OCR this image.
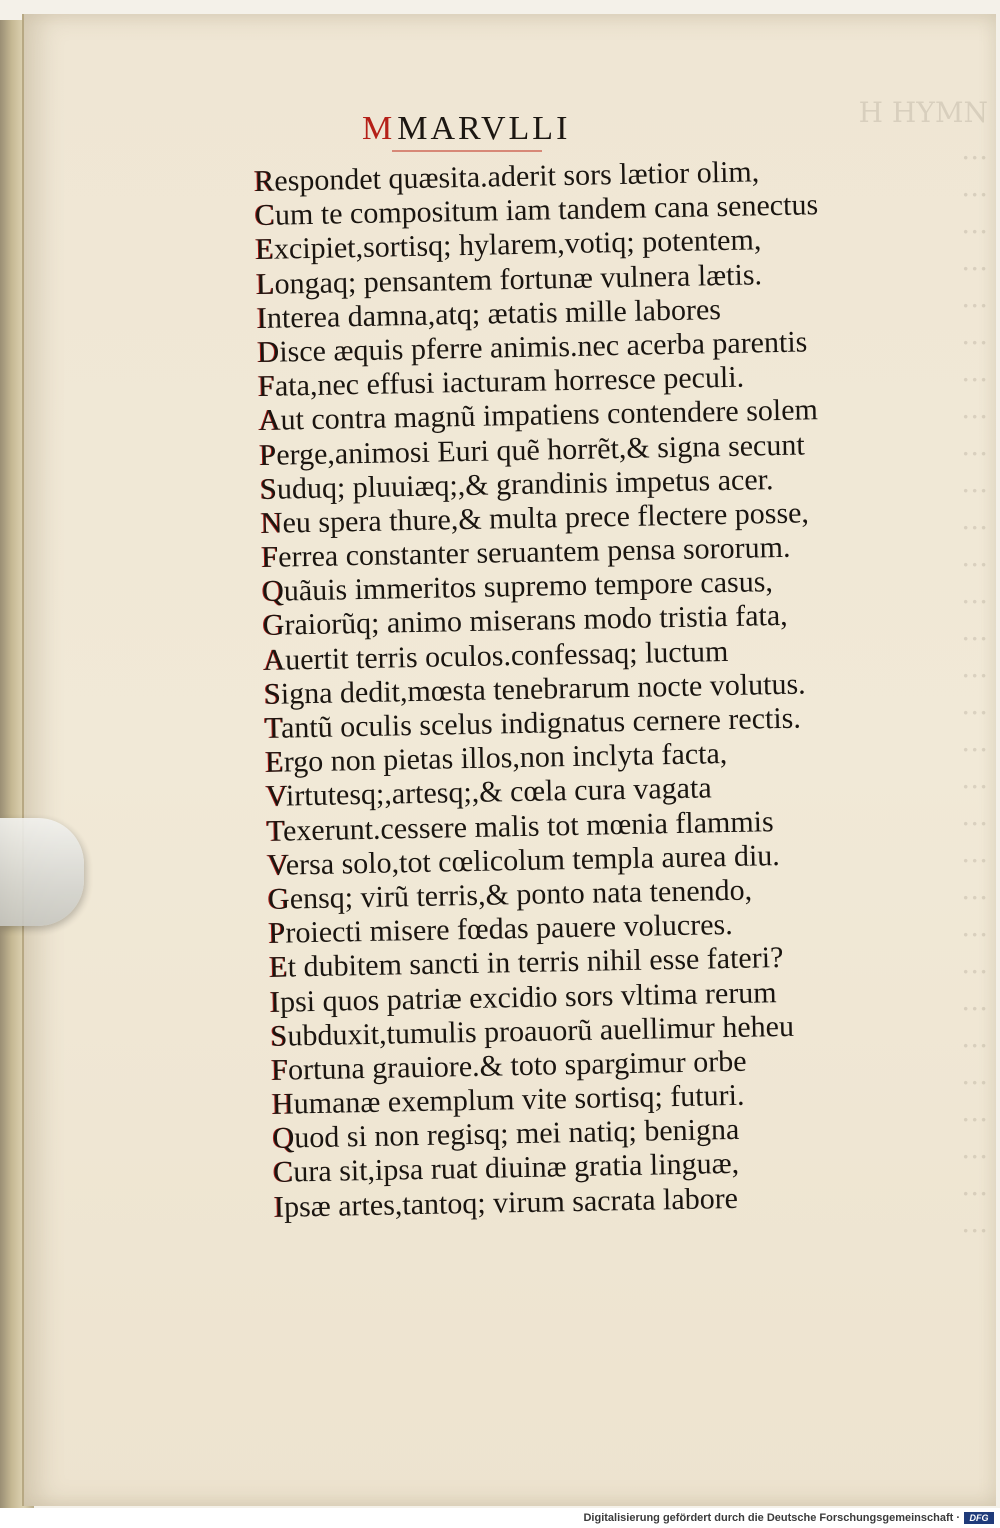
H HYMN
...
...
...
...
...
...
...
...
...
...
...
...
...
...
...
...
...
...
...
...
...
...
...
...
...
...
...
...
...
...
MMARVLLI
Respondet quæsita.aderit sors lætior olim,
Cum te compositum iam tandem cana senectus
Excipiet,sortisq; hylarem,votiq; potentem,
Longaq; pensantem fortunæ vulnera lætis.
Interea damna,atq; ætatis mille labores
Disce æquis pferre animis.nec acerba parentis
Fata,nec effusi iacturam horresce peculi.
Aut contra magnũ impatiens contendere solem
Perge,animosi Euri quẽ horrẽt,& signa secunt
Suduq; pluuiæq;,& grandinis impetus acer.
Neu spera thure,& multa prece flectere posse,
Ferrea constanter seruantem pensa sororum.
Quãuis immeritos supremo tempore casus,
Graiorũq; animo miserans modo tristia fata,
Auertit terris oculos.confessaq; luctum
Signa dedit,mœsta tenebrarum nocte volutus.
Tantũ oculis scelus indignatus cernere rectis.
Ergo non pietas illos,non inclyta facta,
Virtutesq;,artesq;,& cœla cura vagata
Texerunt.cessere malis tot mœnia flammis
Versa solo,tot cœlicolum templa aurea diu.
Gensq; virũ terris,& ponto nata tenendo,
Proiecti misere fœdas pauere volucres.
Et dubitem sancti in terris nihil esse fateri?
Ipsi quos patriæ excidio sors vltima rerum
Subduxit,tumulis proauorũ auellimur heheu
Fortuna grauiore.& toto spargimur orbe
Humanæ exemplum vite sortisq; futuri.
Quod si non regisq; mei natiq; benigna
Cura sit,ipsa ruat diuinæ gratia linguæ,
Ipsæ artes,tantoq; virum sacrata labore
Digitalisierung gefördert durch die Deutsche Forschungsgemeinschaft ·	DFG
